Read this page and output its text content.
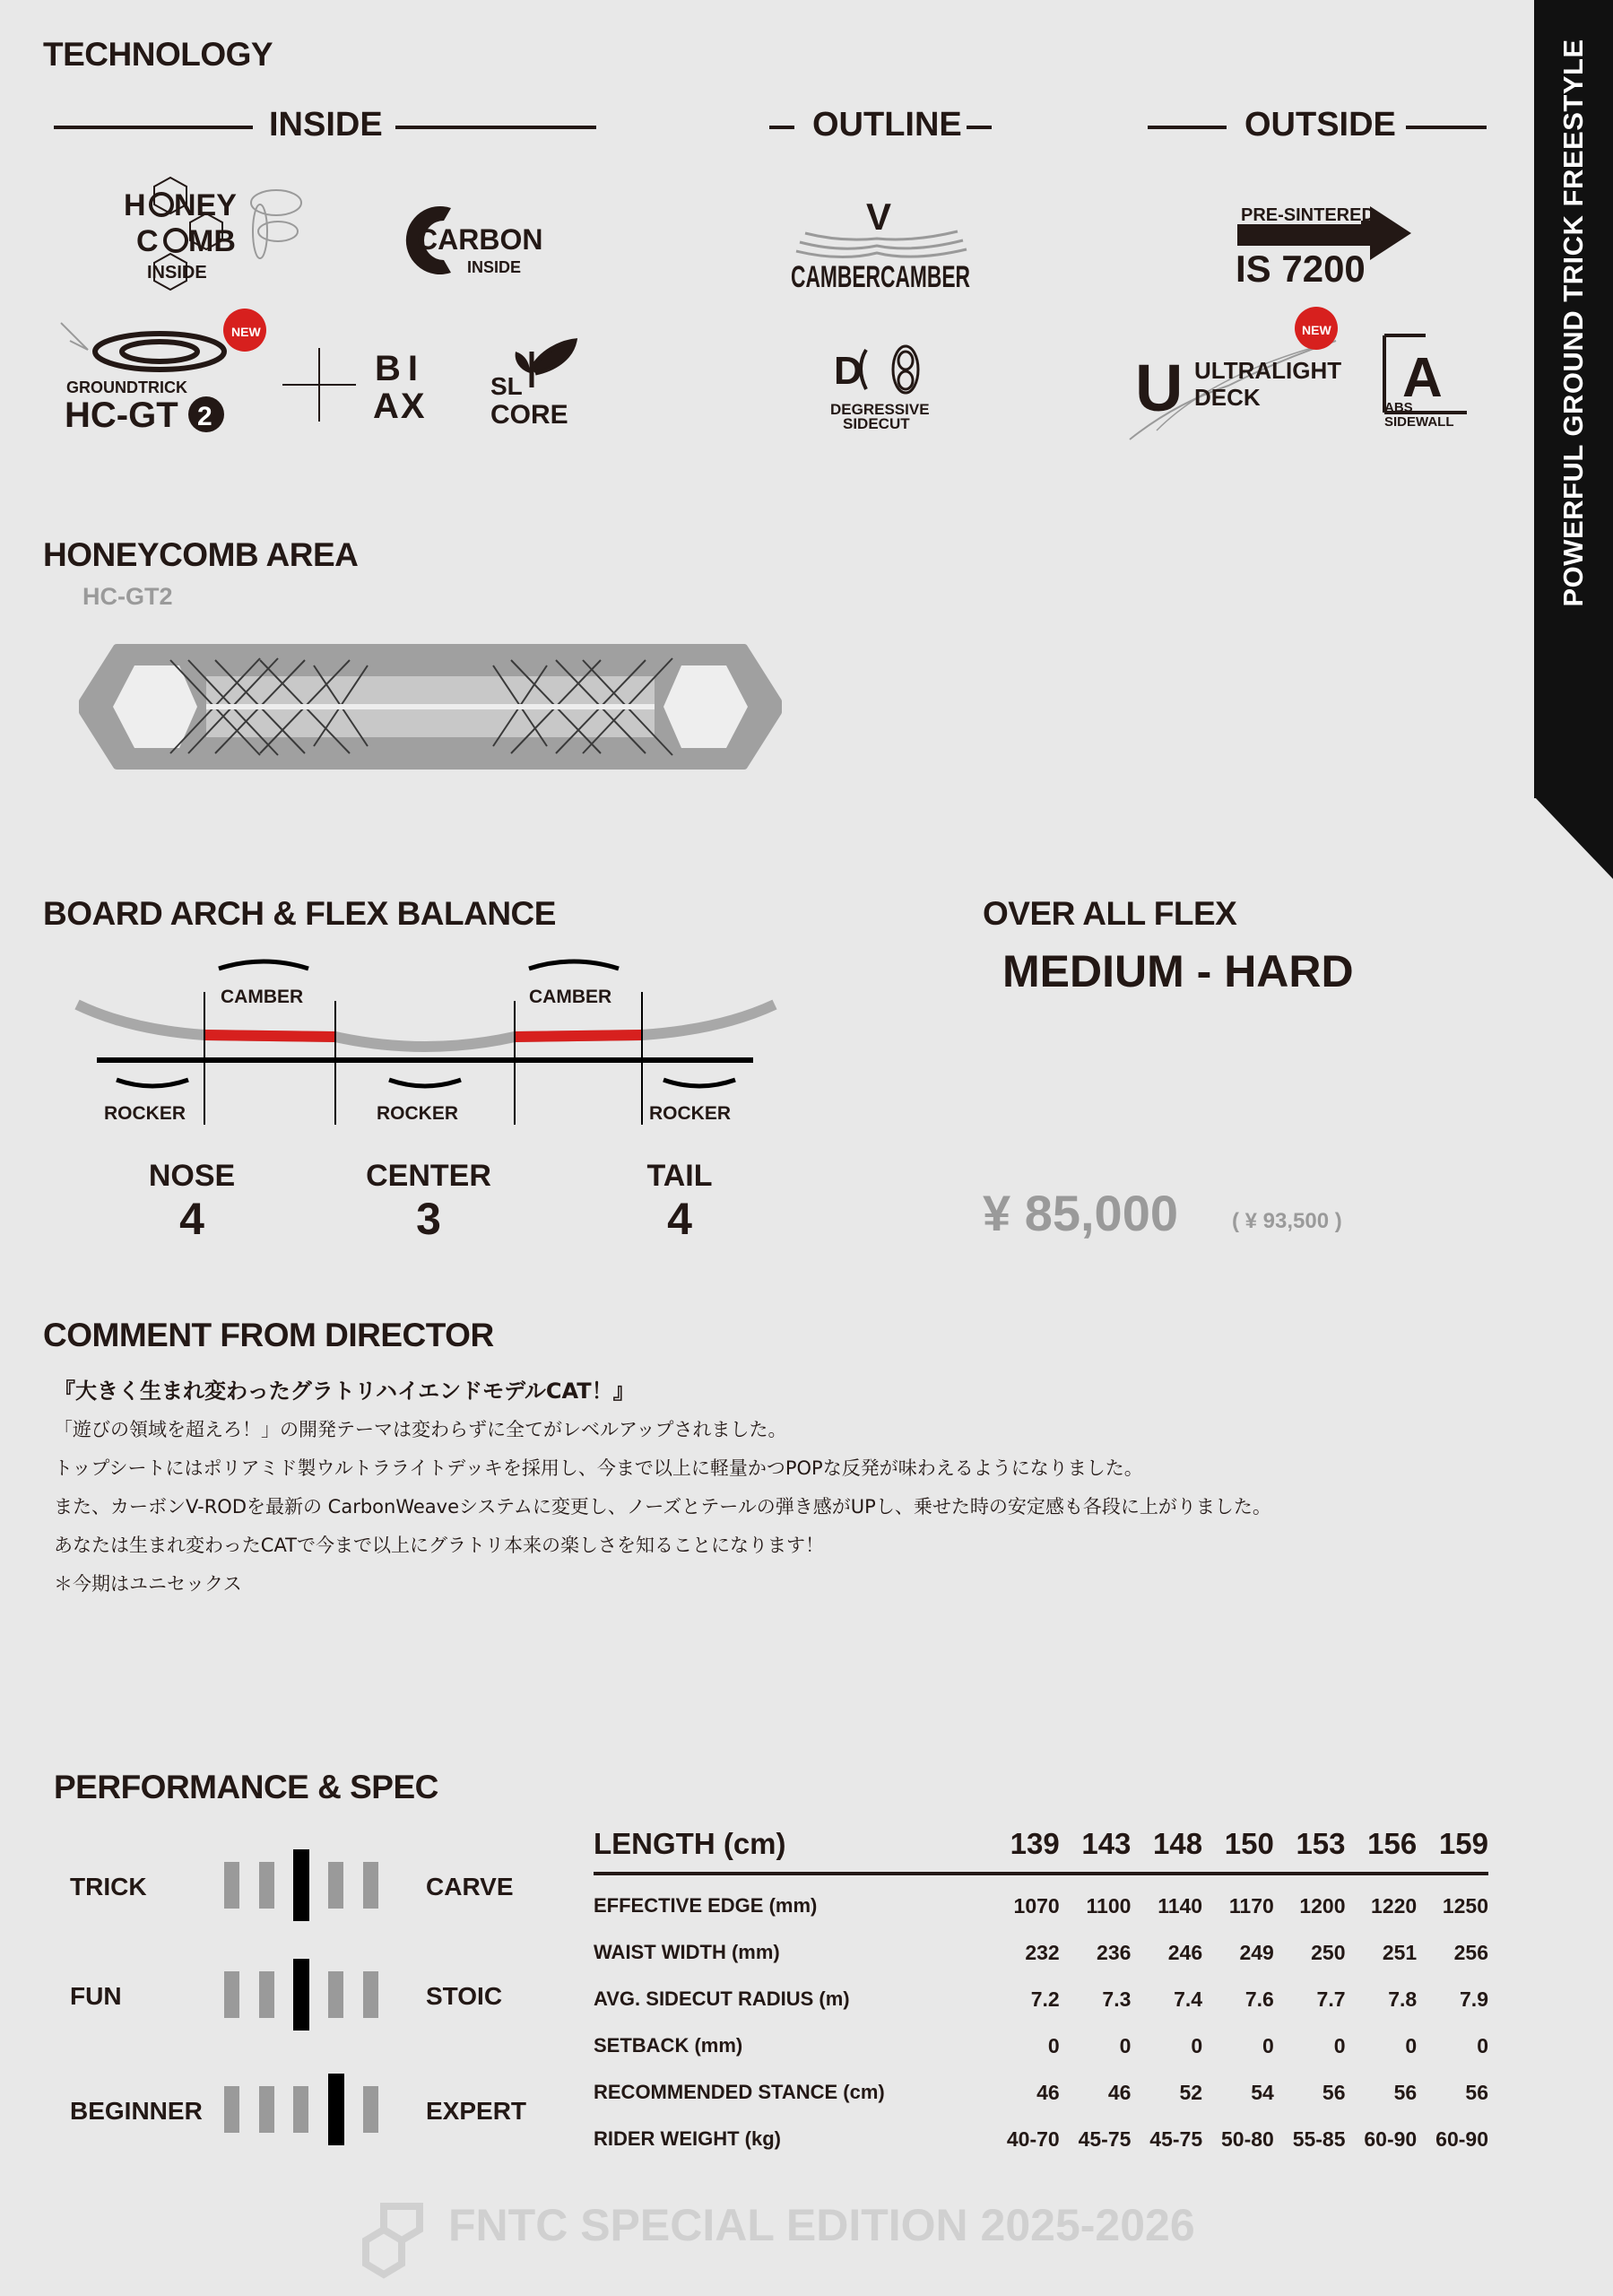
POWERFUL GROUND TRICK FREESTYLE
TECHNOLOGY
INSIDE	OUTLINE	OUTSIDE
H NEY
C MB
INSIDE
CARBON
INSIDE
NEW
GROUNDTRICK
HC-GT 2
BI
AX
SL
CORE
V
CAMBERCAMBER
D
DEGRESSIVE
SIDECUT
PRE-SINTERED
IS 7200
NEW
U ULTRALIGHT
DECK	A
ABS
SIDEWALL
HONEYCOMB AREA
HC-GT2
BOARD ARCH & FLEX BALANCE
CAMBER	CAMBER
ROCKER	ROCKER	ROCKER
NOSE
4
CENTER
3
TAIL
4
OVER ALL FLEX
MEDIUM - HARD
¥ 85,000	( ¥ 93,500 )
COMMENT FROM DIRECTOR

『大きく生まれ変わったグラトリハイエンドモデルCAT！』

「遊びの領域を超えろ！」の開発テーマは変わらずに全てがレベルアップされました。

トップシートにはポリアミド製ウルトラライトデッキを採用し、今まで以上に軽量かつPOPな反発が味わえるようになりました。

また、カーボンV-RODを最新の CarbonWeaveシステムに変更し、ノーズとテールの弾き感がUPし、乗せた時の安定感も各段に上がりました。

あなたは生まれ変わったCATで今まで以上にグラトリ本来の楽しさを知ることになります！

＊今期はユニセックス

PERFORMANCE & SPEC
TRICK	CARVE
FUN	STOIC
BEGINNER	EXPERT
LENGTH (cm)	139	143	148	150	153	156	159
EFFECTIVE EDGE (mm)	1070	1100	1140	1170	1200	1220	1250
WAIST WIDTH (mm)	232	236	246	249	250	251	256
AVG. SIDECUT RADIUS (m)	7.2	7.3	7.4	7.6	7.7	7.8	7.9
SETBACK (mm)	0	0	0	0	0	0	0
RECOMMENDED STANCE (cm)	46	46	52	54	56	56	56
RIDER WEIGHT (kg)	40-70	45-75	45-75	50-80	55-85	60-90	60-90
FNTC SPECIAL EDITION 2025-2026
